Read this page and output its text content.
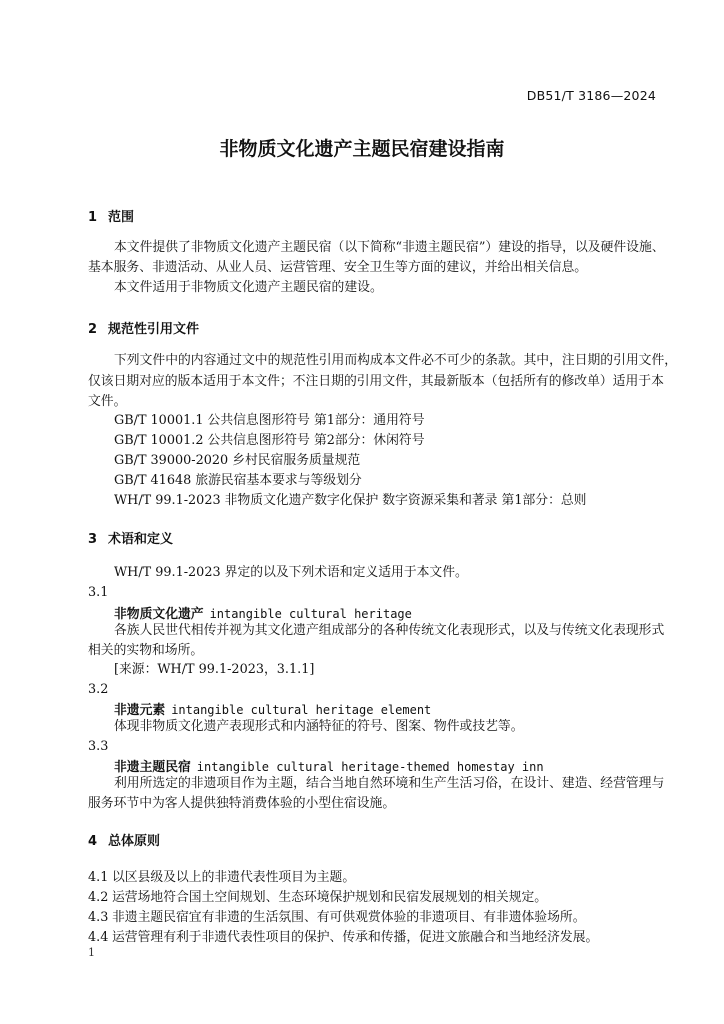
DB51/T 3186—2024
非物质文化遗产主题民宿建设指南
1 范围
本文件提供了非物质文化遗产主题民宿（以下简称“非遗主题民宿”）建设的指导，以及硬件设施、
基本服务、非遗活动、从业人员、运营管理、安全卫生等方面的建议，并给出相关信息。
本文件适用于非物质文化遗产主题民宿的建设。
2 规范性引用文件
下列文件中的内容通过文中的规范性引用而构成本文件必不可少的条款。其中，注日期的引用文件，
仅该日期对应的版本适用于本文件；不注日期的引用文件，其最新版本（包括所有的修改单）适用于本
文件。
GB/T 10001.1 公共信息图形符号 第1部分：通用符号
GB/T 10001.2 公共信息图形符号 第2部分：休闲符号
GB/T 39000-2020 乡村民宿服务质量规范
GB/T 41648 旅游民宿基本要求与等级划分
WH/T 99.1-2023 非物质文化遗产数字化保护 数字资源采集和著录 第1部分：总则
3 术语和定义
WH/T 99.1-2023 界定的以及下列术语和定义适用于本文件。
3.1
非物质文化遗产 intangible cultural heritage
各族人民世代相传并视为其文化遗产组成部分的各种传统文化表现形式，以及与传统文化表现形式
相关的实物和场所。
[来源：WH/T 99.1-2023，3.1.1]
3.2
非遗元素 intangible cultural heritage element
体现非物质文化遗产表现形式和内涵特征的符号、图案、物件或技艺等。
3.3
非遗主题民宿 intangible cultural heritage-themed homestay inn
利用所选定的非遗项目作为主题，结合当地自然环境和生产生活习俗，在设计、建造、经营管理与
服务环节中为客人提供独特消费体验的小型住宿设施。
4 总体原则
4.1 以区县级及以上的非遗代表性项目为主题。
4.2 运营场地符合国土空间规划、生态环境保护规划和民宿发展规划的相关规定。
4.3 非遗主题民宿宜有非遗的生活氛围、有可供观赏体验的非遗项目、有非遗体验场所。
4.4 运营管理有利于非遗代表性项目的保护、传承和传播，促进文旅融合和当地经济发展。
1
